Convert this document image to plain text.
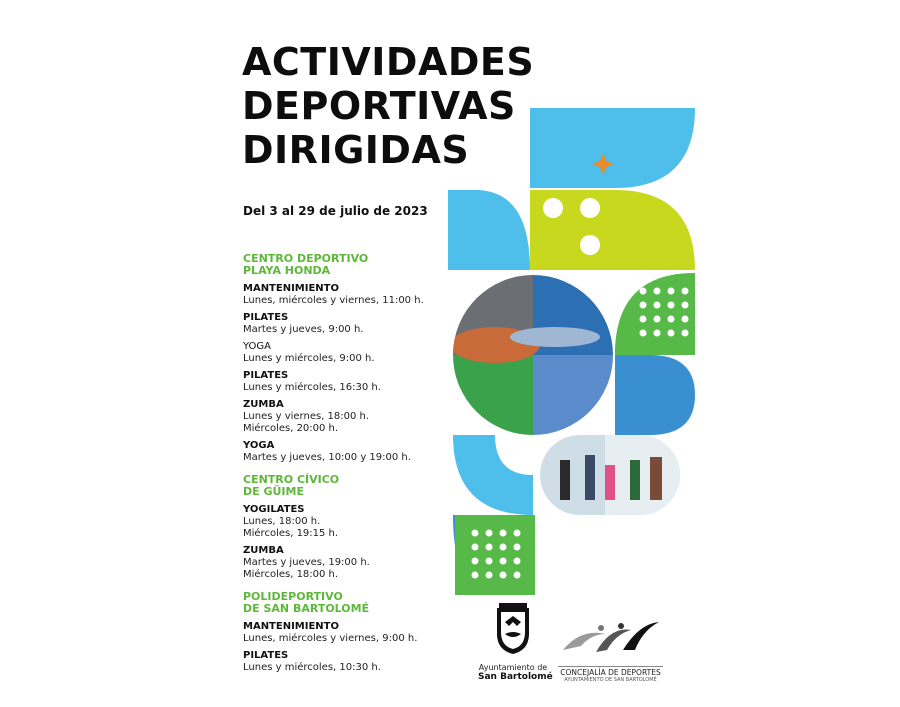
ACTIVIDADES
DEPORTIVAS
DIRIGIDAS
Del 3 al 29 de julio de 2023
CENTRO DEPORTIVO
PLAYA HONDA
MANTENIMIENTO
Lunes, miércoles y viernes, 11:00 h.
PILATES
Martes y jueves, 9:00 h.
YOGA
Lunes y miércoles, 9:00 h.
PILATES
Lunes y miércoles, 16:30 h.
ZUMBA
Lunes y viernes, 18:00 h.
Miércoles, 20:00 h.
YOGA
Martes y jueves, 10:00 y 19:00 h.
CENTRO CÍVICO
DE GÜIME
YOGILATES
Lunes, 18:00 h.
Miércoles, 19:15 h.
ZUMBA
Martes y jueves, 19:00 h.
Miércoles, 18:00 h.
POLIDEPORTIVO
DE SAN BARTOLOMÉ
MANTENIMIENTO
Lunes, miércoles y viernes, 9:00 h.
PILATES
Lunes y miércoles, 10:30 h.	Ayuntamiento de
San Bartolomé	CONCEJALÍA DE DEPORTES
AYUNTAMIENTO DE SAN BARTOLOMÉ
